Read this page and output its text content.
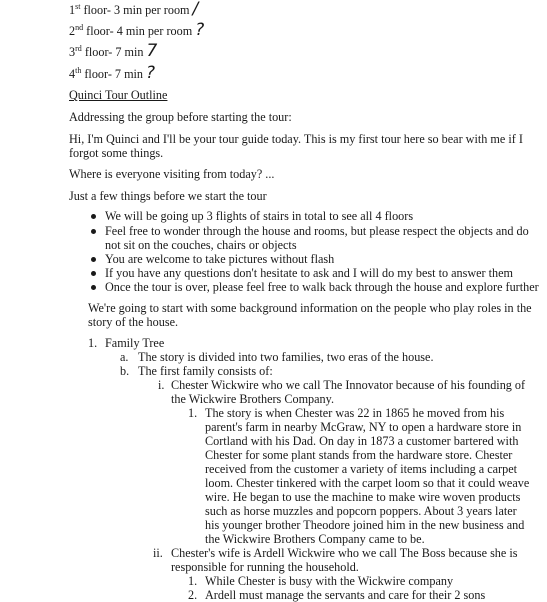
1st floor- 3 min per room /
2nd floor- 4 min per room ?
3rd floor- 7 min 7
4th floor- 7 min ?
Quinci Tour Outline
Addressing the group before starting the tour:
Hi, I'm Quinci and I'll be your tour guide today. This is my first tour here so bear with me if I
forgot some things.
Where is everyone visiting from today? ...
Just a few things before we start the tour
We will be going up 3 flights of stairs in total to see all 4 floors
Feel free to wonder through the house and rooms, but please respect the objects and do
not sit on the couches, chairs or objects
You are welcome to take pictures without flash
If you have any questions don't hesitate to ask and I will do my best to answer them
Once the tour is over, please feel free to walk back through the house and explore further
We're going to start with some background information on the people who play roles in the
story of the house.
1. Family Tree
a. The story is divided into two families, two eras of the house.
b. The first family consists of:
i. Chester Wickwire who we call The Innovator because of his founding of
the Wickwire Brothers Company.
1. The story is when Chester was 22 in 1865 he moved from his
parent's farm in nearby McGraw, NY to open a hardware store in
Cortland with his Dad. On day in 1873 a customer bartered with
Chester for some plant stands from the hardware store. Chester
received from the customer a variety of items including a carpet
loom. Chester tinkered with the carpet loom so that it could weave
wire. He began to use the machine to make wire woven products
such as horse muzzles and popcorn poppers. About 3 years later
his younger brother Theodore joined him in the new business and
the Wickwire Brothers Company came to be.
ii. Chester's wife is Ardell Wickwire who we call The Boss because she is
responsible for running the household.
1. While Chester is busy with the Wickwire company
2. Ardell must manage the servants and care for their 2 sons
